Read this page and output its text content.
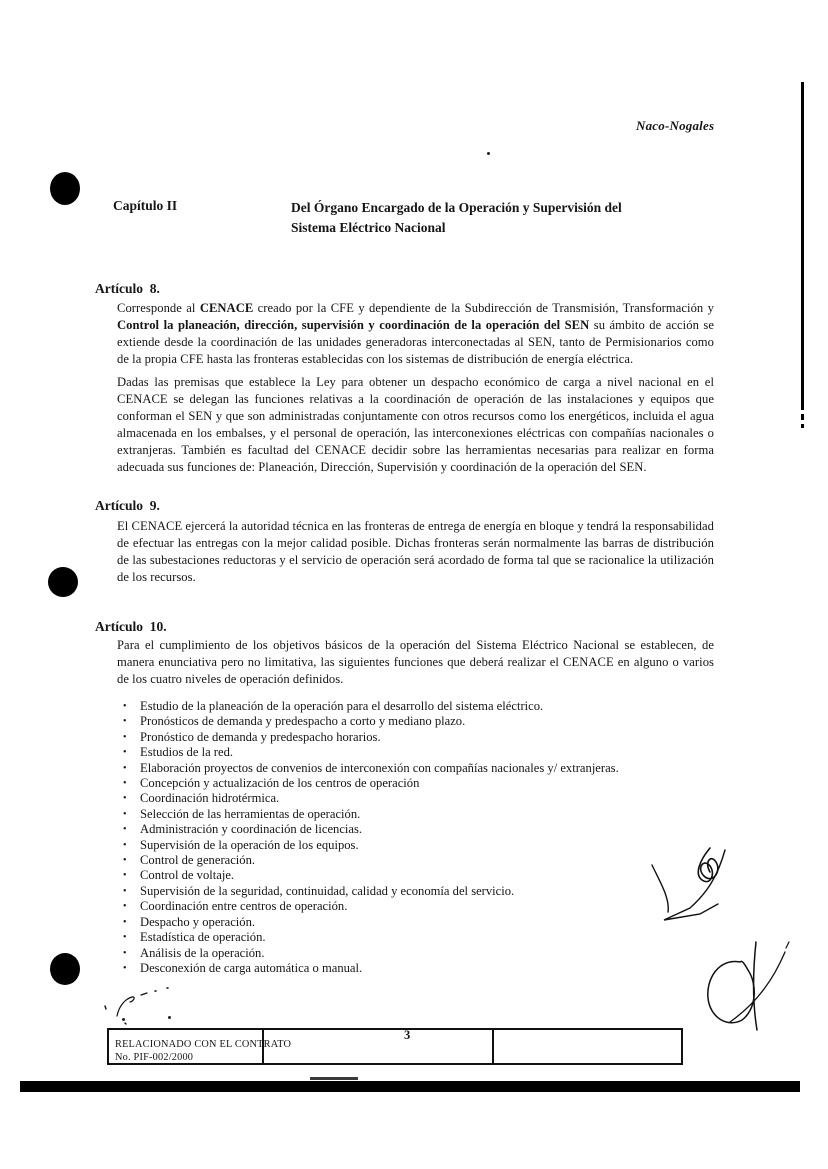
Naco-Nogales
Capítulo II	Del Órgano Encargado de la Operación y Supervisión del
Sistema Eléctrico Nacional
Artículo  8.
Corresponde al CENACE creado por la CFE y dependiente de la Subdirección de Transmisión, Transformación y Control la planeación, dirección, supervisión y coordinación de la operación del SEN su ámbito de acción se extiende desde la coordinación de las unidades generadoras interconectadas al SEN, tanto de Permisionarios como de la propia CFE hasta las fronteras establecidas con los sistemas de distribución de energía eléctrica.
Dadas las premisas que establece la Ley para obtener un despacho económico de carga a nivel nacional en el CENACE se delegan las funciones relativas a la coordinación de operación de las instalaciones y equipos que conforman el SEN y que son administradas conjuntamente con otros recursos como los energéticos, incluida el agua almacenada en los embalses, y el personal de operación, las interconexiones eléctricas con compañías nacionales o extranjeras. También es facultad del CENACE decidir sobre las herramientas necesarias para realizar en forma adecuada sus funciones de: Planeación, Dirección, Supervisión y coordinación de la operación del SEN.
Artículo  9.
El CENACE ejercerá la autoridad técnica en las fronteras de entrega de energía en bloque y tendrá la responsabilidad de efectuar las entregas con la mejor calidad posible. Dichas fronteras serán normalmente las barras de distribución de las subestaciones reductoras y el servicio de operación será acordado de forma tal que se racionalice la utilización de los recursos.
Artículo  10.
Para el cumplimiento de los objetivos básicos de la operación del Sistema Eléctrico Nacional se establecen, de manera enunciativa pero no limitativa, las siguientes funciones que deberá realizar el CENACE en alguno o varios de los cuatro niveles de operación definidos.
• Estudio de la planeación de la operación para el desarrollo del sistema eléctrico.
• Pronósticos de demanda y predespacho a corto y mediano plazo.
• Pronóstico de demanda y predespacho horarios.
• Estudios de la red.
• Elaboración proyectos de convenios de interconexión con compañías nacionales y/ extranjeras.
• Concepción y actualización de los centros de operación
• Coordinación hidrotérmica.
• Selección de las herramientas de operación.
• Administración y coordinación de licencias.
• Supervisión de la operación de los equipos.
• Control de generación.
• Control de voltaje.
• Supervisión de la seguridad, continuidad, calidad y economía del servicio.
• Coordinación entre centros de operación.
• Despacho y operación.
• Estadística de operación.
• Análisis de la operación.
• Desconexión de carga automática o manual.
3
RELACIONADO CON EL CONTRATO
No. PIF-002/2000
